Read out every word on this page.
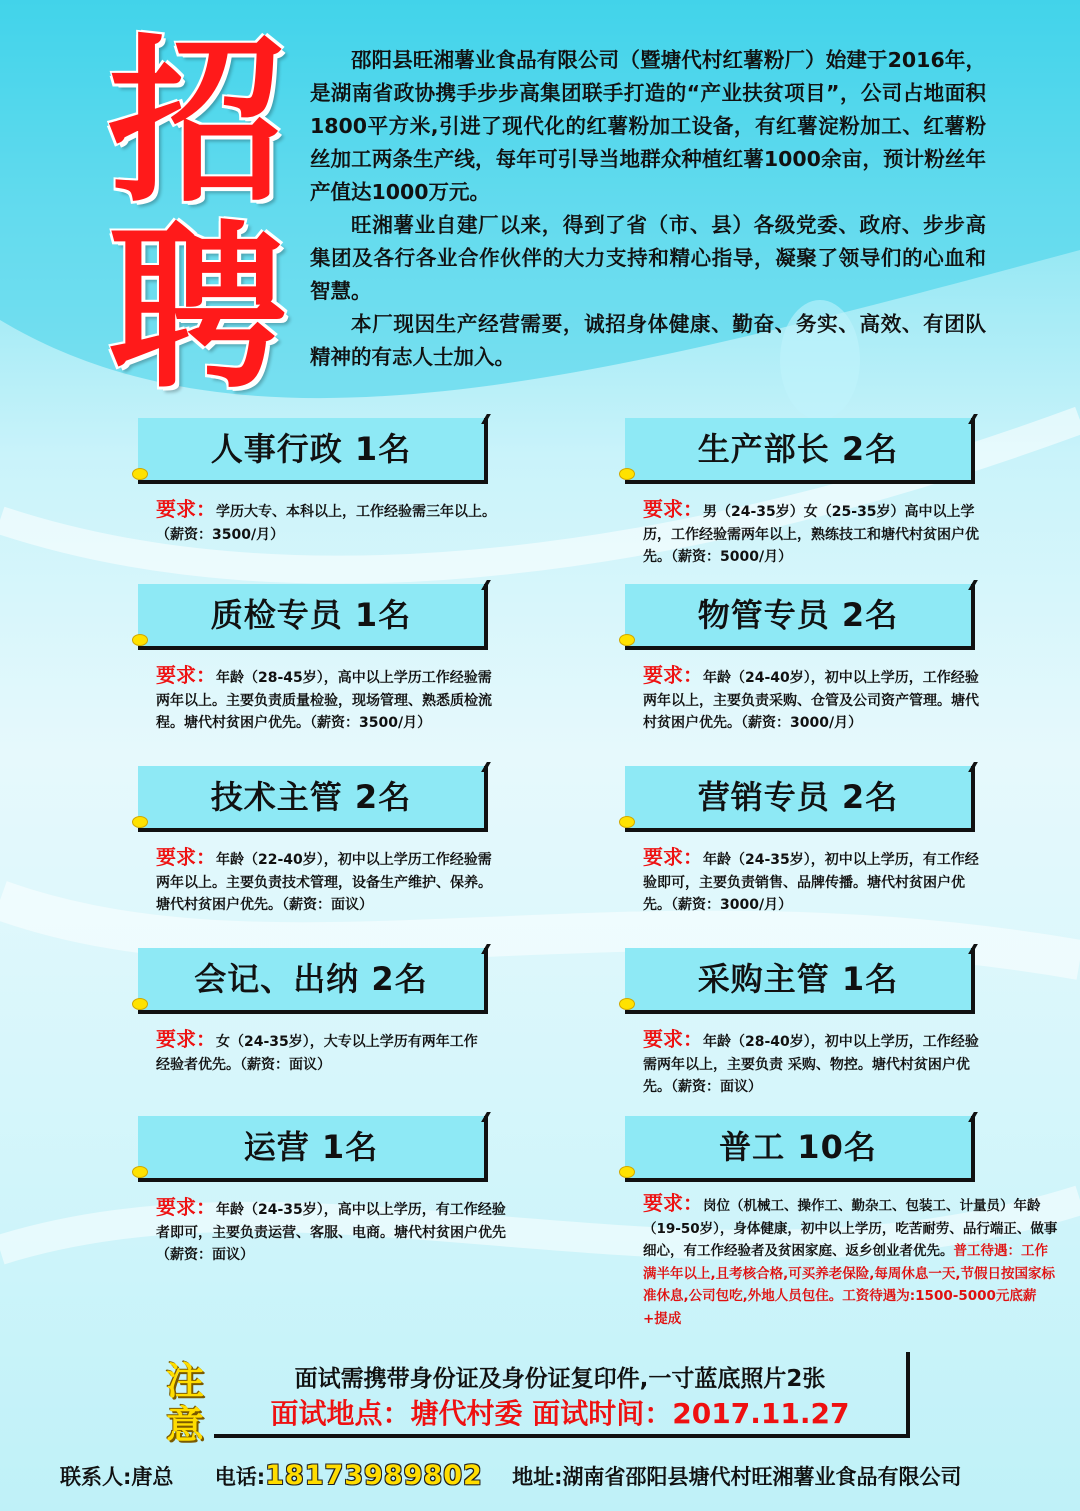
招
聘

邵阳县旺湘薯业食品有限公司（暨塘代村红薯粉厂）始建于2016年，是湖南省政协携手步步高集团联手打造的“产业扶贫项目”，公司占地面积1800平方米,引进了现代化的红薯粉加工设备，有红薯淀粉加工、红薯粉丝加工两条生产线，每年可引导当地群众种植红薯1000余亩，预计粉丝年产值达1000万元。

旺湘薯业自建厂以来，得到了省（市、县）各级党委、政府、步步高集团及各行各业合作伙伴的大力支持和精心指导，凝聚了领导们的心血和智慧。

本厂现因生产经营需要，诚招身体健康、勤奋、务实、高效、有团队精神的有志人士加入。

人事行政 1名
要求：学历大专、本科以上，工作经验需三年以上。（薪资：3500/月）
生产部长 2名
要求：男（24-35岁）女（25-35岁）高中以上学历，工作经验需两年以上，熟练技工和塘代村贫困户优先。（薪资：5000/月）
质检专员 1名
要求：年龄（28-45岁），高中以上学历工作经验需两年以上。主要负责质量检验，现场管理、熟悉质检流程。塘代村贫困户优先。（薪资：3500/月）
物管专员 2名
要求：年龄（24-40岁），初中以上学历，工作经验两年以上，主要负责采购、仓管及公司资产管理。塘代村贫困户优先。（薪资：3000/月）
技术主管 2名
要求：年龄（22-40岁），初中以上学历工作经验需两年以上。主要负责技术管理，设备生产维护、保养。塘代村贫困户优先。（薪资：面议）
营销专员 2名
要求：年龄（24-35岁），初中以上学历，有工作经验即可，主要负责销售、品牌传播。塘代村贫困户优先。（薪资：3000/月）
会记、出纳 2名
要求：女（24-35岁），大专以上学历有两年工作经验者优先。（薪资：面议）
采购主管 1名
要求：年龄（28-40岁），初中以上学历，工作经验需两年以上，主要负责 采购、物控。塘代村贫困户优先。（薪资：面议）
运营 1名
要求：年龄（24-35岁），高中以上学历，有工作经验者即可，主要负责运营、客服、电商。塘代村贫困户优先（薪资：面议）
普工 10名
要求：岗位（机械工、操作工、勤杂工、包装工、计量员）年龄（19-50岁），身体健康，初中以上学历，吃苦耐劳、品行端正、做事细心，有工作经验者及贫困家庭、返乡创业者优先。普工待遇：工作满半年以上,且考核合格,可买养老保险,每周休息一天,节假日按国家标准休息,公司包吃,外地人员包住。工资待遇为:1500-5000元底薪+提成
注
意
面试需携带身份证及身份证复印件,一寸蓝底照片2张
面试地点：塘代村委 面试时间：2017.11.27
联系人:唐总 电话:18173989802 地址:湖南省邵阳县塘代村旺湘薯业食品有限公司
